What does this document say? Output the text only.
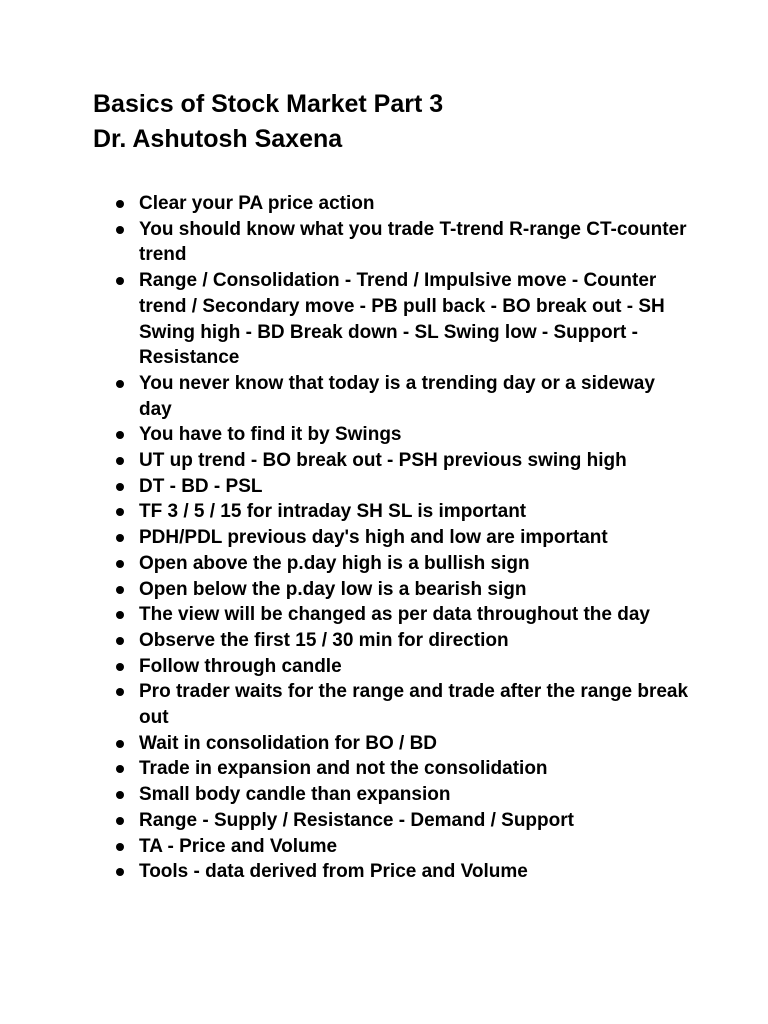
Basics of Stock Market Part 3
Dr. Ashutosh Saxena
Clear your PA price action
You should know what you trade T-trend R-range CT-counter trend
Range / Consolidation - Trend / Impulsive move - Counter trend / Secondary move - PB pull back - BO break out - SH Swing high - BD Break down - SL Swing low - Support - Resistance
You never know that today is a trending day or a sideway day
You have to find it by Swings
UT up trend - BO break out - PSH previous swing high
DT - BD - PSL
TF 3 / 5 / 15 for intraday SH SL is important
PDH/PDL previous day's high and low are important
Open above the p.day high is a bullish sign
Open below the p.day low is a bearish sign
The view will be changed as per data throughout the day
Observe the first 15 / 30 min for direction
Follow through candle
Pro trader waits for the range and trade after the range break out
Wait in consolidation for BO / BD
Trade in expansion and not the consolidation
Small body candle than expansion
Range - Supply / Resistance - Demand / Support
TA - Price and Volume
Tools - data derived from Price and Volume
